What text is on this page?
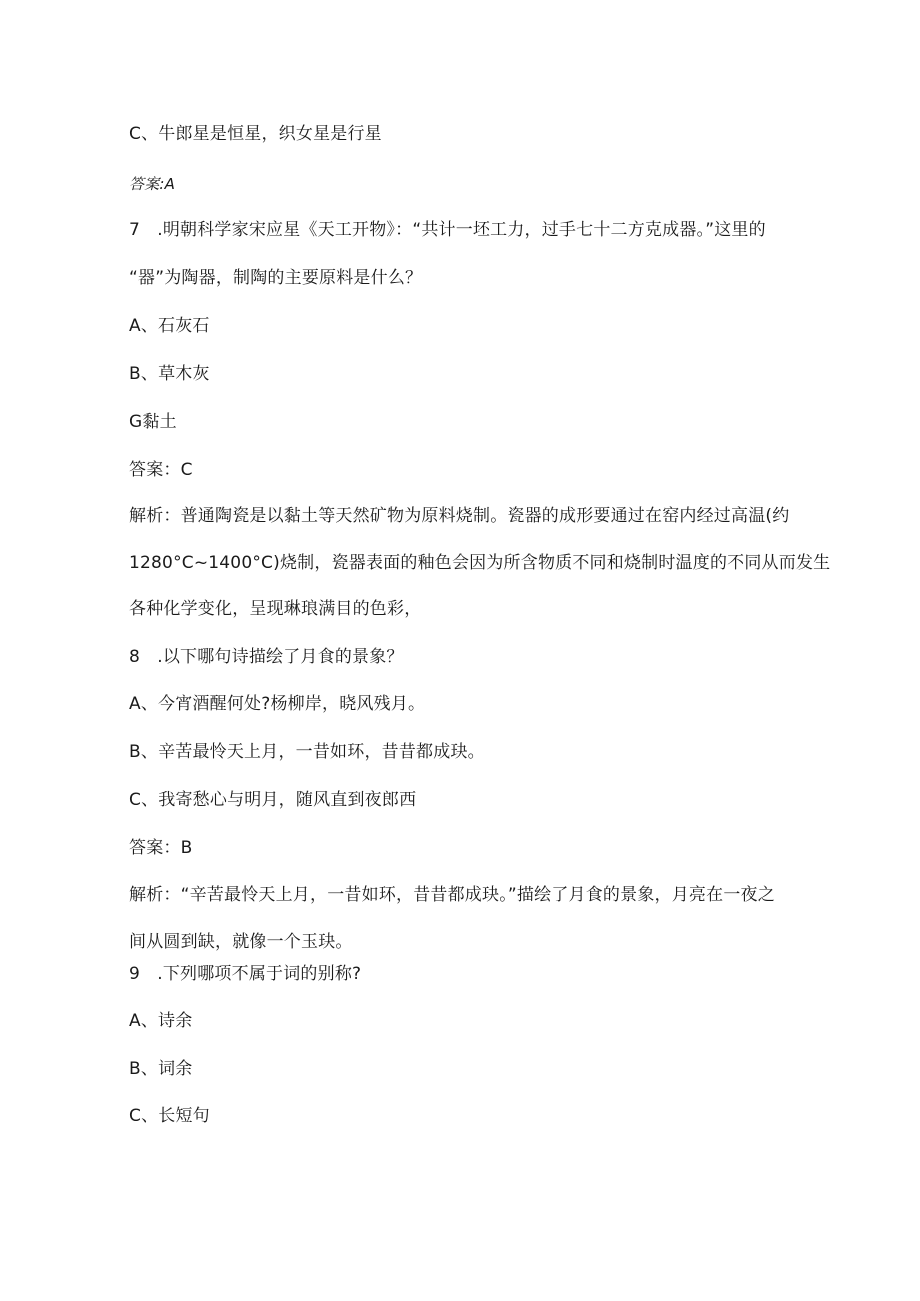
C、牛郎星是恒星，织女星是行星
答案:A
7　.明朝科学家宋应星《天工开物》：“共计一坯工力，过手七十二方克成器。”这里的
“器”为陶器，制陶的主要原料是什么？
A、石灰石
B、草木灰
G黏土
答案：C
解析：普通陶瓷是以黏土等天然矿物为原料烧制。瓷器的成形要通过在窑内经过高温(约
1280°C~1400°C)烧制，瓷器表面的釉色会因为所含物质不同和烧制时温度的不同从而发生
各种化学变化，呈现琳琅满目的色彩，
8　.以下哪句诗描绘了月食的景象？
A、今宵酒醒何处?杨柳岸，晓风残月。
B、辛苦最怜天上月，一昔如环，昔昔都成玦。
C、我寄愁心与明月，随风直到夜郎西
答案：B
解析：“辛苦最怜天上月，一昔如环，昔昔都成玦。”描绘了月食的景象，月亮在一夜之
间从圆到缺，就像一个玉玦。
9　.下列哪项不属于词的别称?
A、诗余
B、词余
C、长短句
